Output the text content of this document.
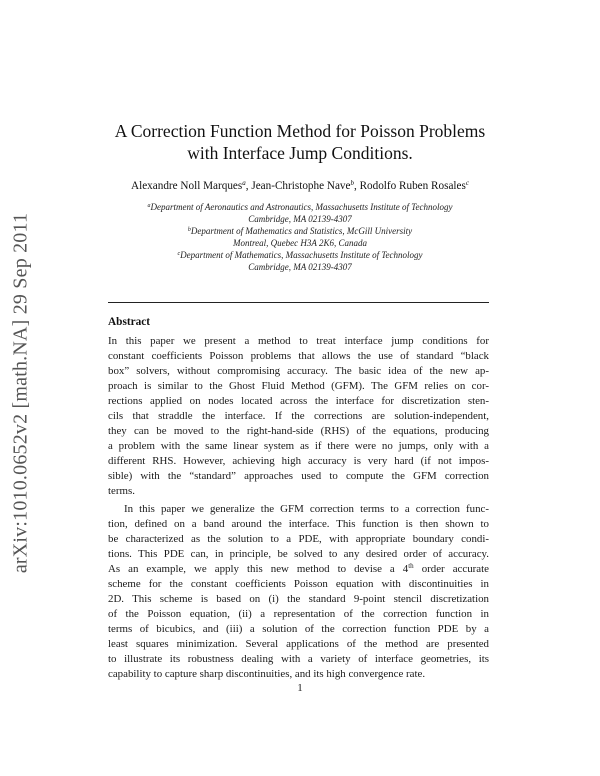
arXiv:1010.0652v2 [math.NA] 29 Sep 2011
A Correction Function Method for Poisson Problems
with Interface Jump Conditions.
Alexandre Noll Marques$^a$, Jean-Christophe Nave$^b$, Rodolfo Ruben Rosales$^c$
$^a$Department of Aeronautics and Astronautics, Massachusetts Institute of Technology
Cambridge, MA 02139-4307
$^b$Department of Mathematics and Statistics, McGill University
Montreal, Quebec H3A 2K6, Canada
$^c$Department of Mathematics, Massachusetts Institute of Technology
Cambridge, MA 02139-4307
Abstract
In this paper we present a method to treat interface jump conditions for
constant coefficients Poisson problems that allows the use of standard “black
box” solvers, without compromising accuracy. The basic idea of the new ap-
proach is similar to the Ghost Fluid Method (GFM). The GFM relies on cor-
rections applied on nodes located across the interface for discretization sten-
cils that straddle the interface. If the corrections are solution-independent,
they can be moved to the right-hand-side (RHS) of the equations, producing
a problem with the same linear system as if there were no jumps, only with a
different RHS. However, achieving high accuracy is very hard (if not impos-
sible) with the “standard” approaches used to compute the GFM correction
terms.
In this paper we generalize the GFM correction terms to a correction func-
tion, defined on a band around the interface. This function is then shown to
be characterized as the solution to a PDE, with appropriate boundary condi-
tions. This PDE can, in principle, be solved to any desired order of accuracy.
As an example, we apply this new method to devise a 4th order accurate
scheme for the constant coefficients Poisson equation with discontinuities in
2D. This scheme is based on (i) the standard 9-point stencil discretization
of the Poisson equation, (ii) a representation of the correction function in
terms of bicubics, and (iii) a solution of the correction function PDE by a
least squares minimization. Several applications of the method are presented
to illustrate its robustness dealing with a variety of interface geometries, its
capability to capture sharp discontinuities, and its high convergence rate.
1
